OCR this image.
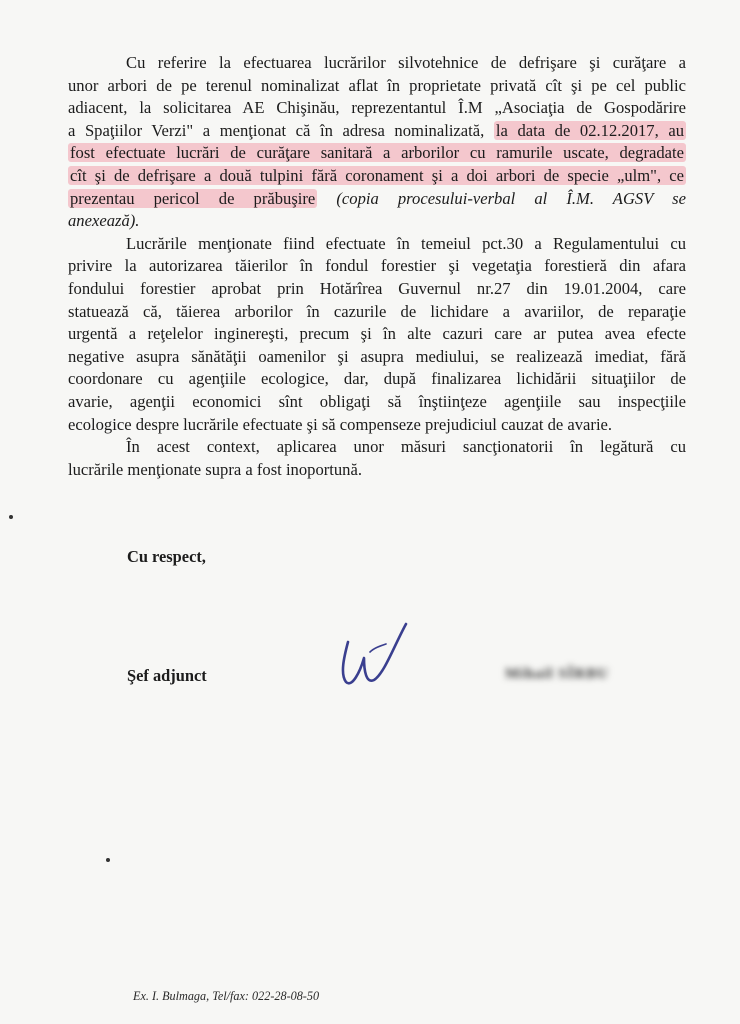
Cu referire la efectuarea lucrărilor silvotehnice de defrişare şi curăţare a
unor arbori de pe terenul nominalizat aflat în proprietate privată cît şi pe cel public
adiacent, la solicitarea AE Chişinău, reprezentantul Î.M „Asociaţia de Gospodărire
a Spaţiilor Verzi" a menţionat că în adresa nominalizată, la data de 02.12.2017, au
fost efectuate lucrări de curăţare sanitară a arborilor cu ramurile uscate, degradate
cît şi de defrişare a două tulpini fără coronament şi a doi arbori de specie „ulm", ce
prezentau pericol de prăbuşire (copia procesului-verbal al Î.M. AGSV se
anexează).
Lucrările menţionate fiind efectuate în temeiul pct.30 a Regulamentului cu
privire la autorizarea tăierilor în fondul forestier şi vegetaţia forestieră din afara
fondului forestier aprobat prin Hotărîrea Guvernul nr.27 din 19.01.2004, care
statuează că, tăierea arborilor în cazurile de lichidare a avariilor, de reparaţie
urgentă a reţelelor inginereşti, precum şi în alte cazuri care ar putea avea efecte
negative asupra sănătăţii oamenilor şi asupra mediului, se realizează imediat, fără
coordonare cu agenţiile ecologice, dar, după finalizarea lichidării situaţiilor de
avarie, agenţii economici sînt obligaţi să înştiinţeze agenţiile sau inspecţiile
ecologice despre lucrările efectuate şi să compenseze prejudiciul cauzat de avarie.
În acest context, aplicarea unor măsuri sancţionatorii în legătură cu
lucrările menţionate supra a fost inoportună.
Cu respect,
Şef adjunct	Mihail SÎRBU
Ex. I. Bulmaga, Tel/fax: 022-28-08-50
